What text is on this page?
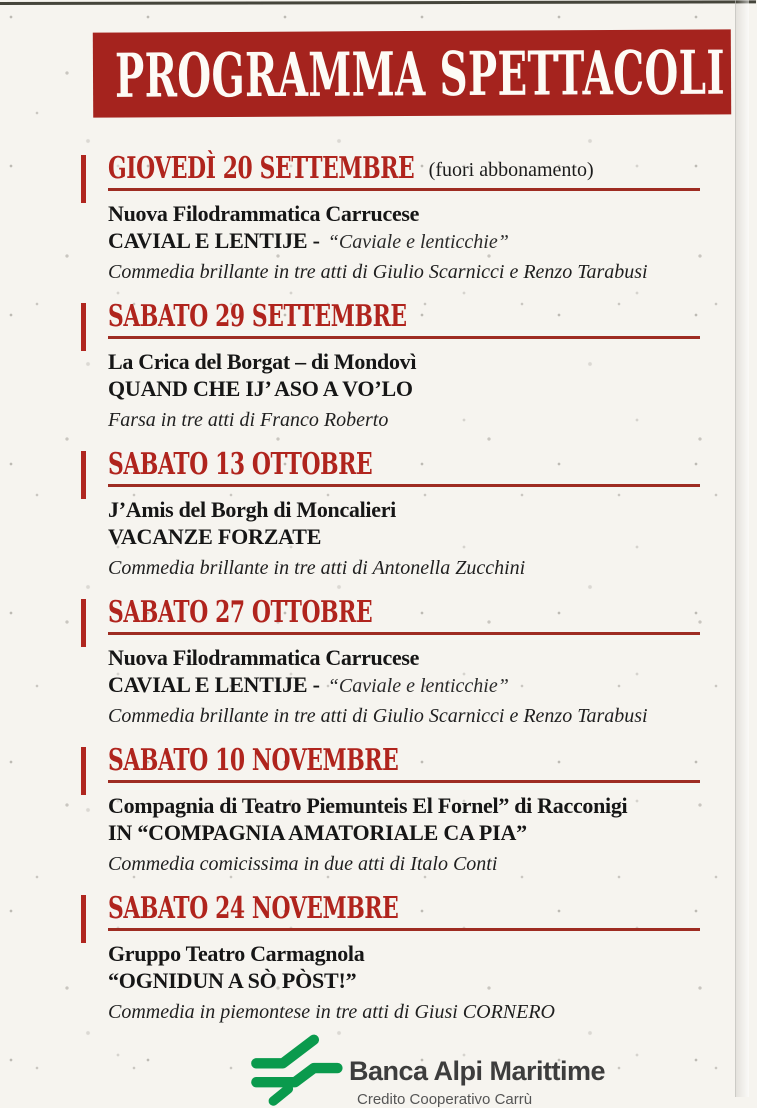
PROGRAMMA SPETTACOLI
GIOVEDÌ 20 SETTEMBRE (fuori abbonamento)
Nuova Filodrammatica Carrucese
CAVIAL E LENTIJE - “Caviale e lenticchie”
Commedia brillante in tre atti di Giulio Scarnicci e Renzo Tarabusi
SABATO 29 SETTEMBRE
La Crica del Borgat – di Mondovì
QUAND CHE IJ’ ASO A VO’LO
Farsa in tre atti di Franco Roberto
SABATO 13 OTTOBRE
J’Amis del Borgh di Moncalieri
VACANZE FORZATE
Commedia brillante in tre atti di Antonella Zucchini
SABATO 27 OTTOBRE
Nuova Filodrammatica Carrucese
CAVIAL E LENTIJE - “Caviale e lenticchie”
Commedia brillante in tre atti di Giulio Scarnicci e Renzo Tarabusi
SABATO 10 NOVEMBRE
Compagnia di Teatro Piemunteis El Fornel” di Racconigi
IN “COMPAGNIA AMATORIALE CA PIA”
Commedia comicissima in due atti di Italo Conti
SABATO 24 NOVEMBRE
Gruppo Teatro Carmagnola
“OGNIDUN A SÒ PÒST!”
Commedia in piemontese in tre atti di Giusi CORNERO
Banca Alpi Marittime
Credito Cooperativo Carrù
